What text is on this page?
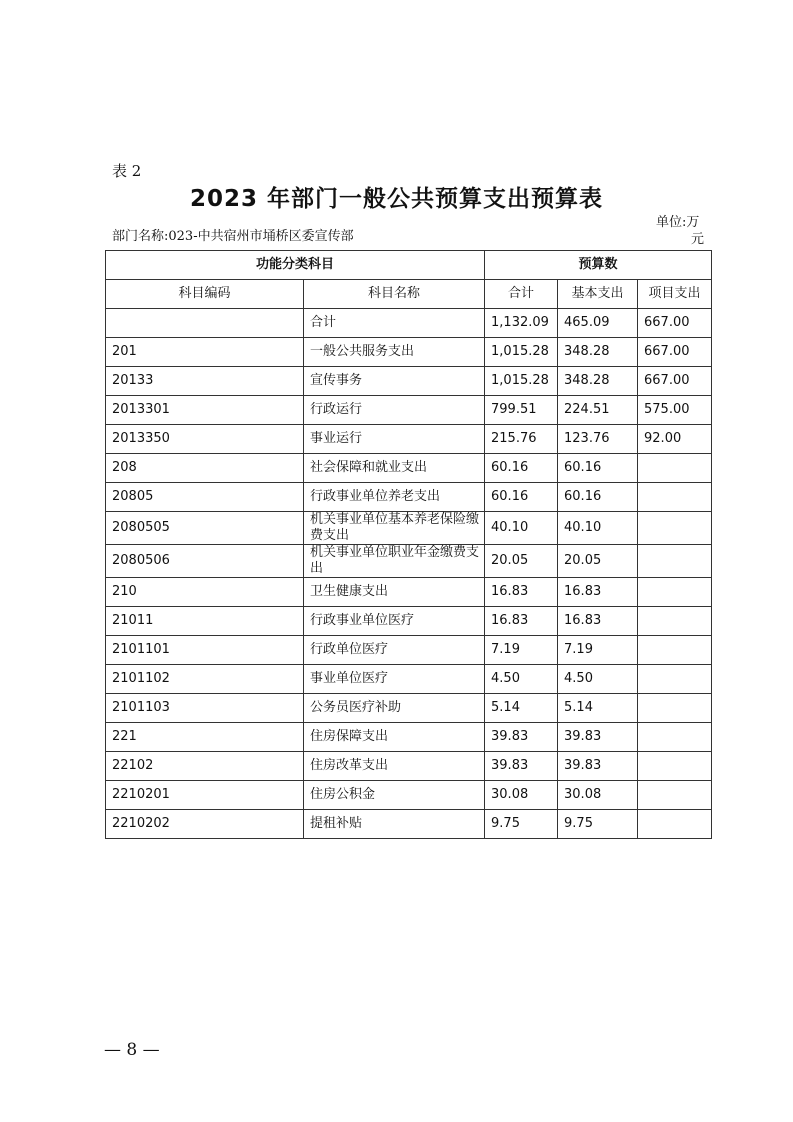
表 2
2023 年部门一般公共预算支出预算表
部门名称:023-中共宿州市埇桥区委宣传部
单位:万
元
功能分类科目		预算数		
科目编码	科目名称	合计	基本支出	项目支出
	合计	1,132.09	465.09	667.00
201	一般公共服务支出	1,015.28	348.28	667.00
20133	宣传事务	1,015.28	348.28	667.00
2013301	行政运行	799.51	224.51	575.00
2013350	事业运行	215.76	123.76	92.00
208	社会保障和就业支出	60.16	60.16	
20805	行政事业单位养老支出	60.16	60.16	
2080505	机关事业单位基本养老保险缴费支出	40.10	40.10	
2080506	机关事业单位职业年金缴费支出	20.05	20.05	
210	卫生健康支出	16.83	16.83	
21011	行政事业单位医疗	16.83	16.83	
2101101	行政单位医疗	7.19	7.19	
2101102	事业单位医疗	4.50	4.50	
2101103	公务员医疗补助	5.14	5.14	
221	住房保障支出	39.83	39.83	
22102	住房改革支出	39.83	39.83	
2210201	住房公积金	30.08	30.08	
2210202	提租补贴	9.75	9.75	
— 8 —
